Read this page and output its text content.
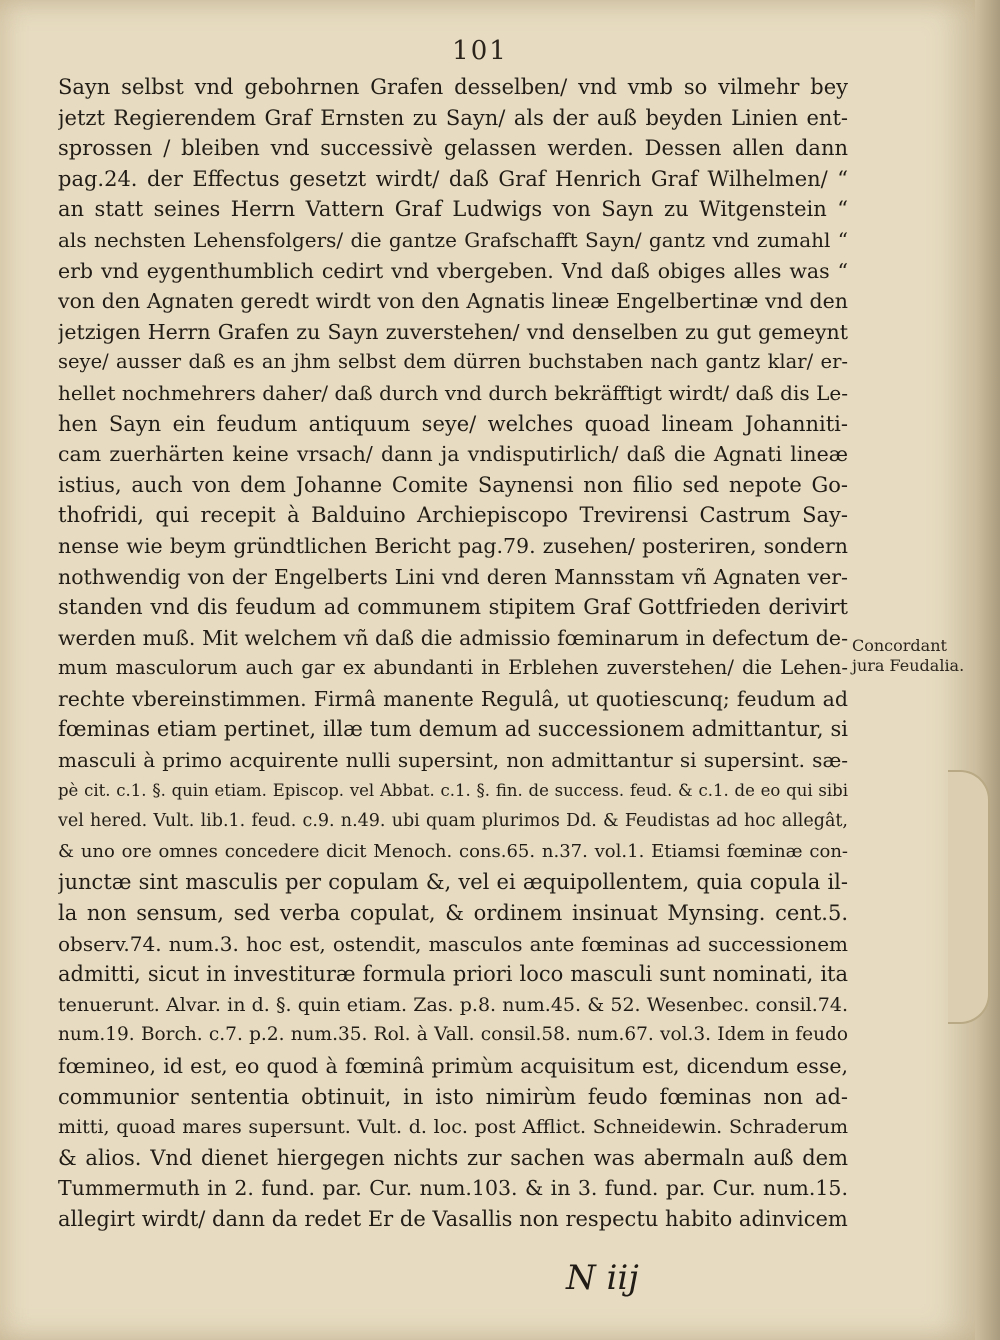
101
Sayn selbst vnd gebohrnen Grafen desselben/ vnd vmb so vilmehr bey
jetzt Regierendem Graf Ernsten zu Sayn/ als der auß beyden Linien ent-
sprossen / bleiben vnd successivè gelassen werden. Dessen allen dann
pag.24. der Effectus gesetzt wirdt/ daß Graf Henrich Graf Wilhelmen/ “
an statt seines Herrn Vattern Graf Ludwigs von Sayn zu Witgenstein “
als nechsten Lehensfolgers/ die gantze Grafschafft Sayn/ gantz vnd zumahl “
erb vnd eygenthumblich cedirt vnd vbergeben. Vnd daß obiges alles was “
von den Agnaten geredt wirdt von den Agnatis lineæ Engelbertinæ vnd den
jetzigen Herrn Grafen zu Sayn zuverstehen/ vnd denselben zu gut gemeynt
seye/ ausser daß es an jhm selbst dem dürren buchstaben nach gantz klar/ er-
hellet nochmehrers daher/ daß durch vnd durch bekräfftigt wirdt/ daß dis Le-
hen Sayn ein feudum antiquum seye/ welches quoad lineam Johanniti-
cam zuerhärten keine vrsach/ dann ja vndisputirlich/ daß die Agnati lineæ
istius, auch von dem Johanne Comite Saynensi non filio sed nepote Go-
thofridi, qui recepit à Balduino Archiepiscopo Trevirensi Castrum Say-
nense wie beym gründtlichen Bericht pag.79. zusehen/ posteriren, sondern
nothwendig von der Engelberts Lini vnd deren Mannsstam vñ Agnaten ver-
standen vnd dis feudum ad communem stipitem Graf Gottfrieden derivirt
werden muß. Mit welchem vñ daß die admissio fœminarum in defectum de-
mum masculorum auch gar ex abundanti in Erblehen zuverstehen/ die Lehen-
rechte vbereinstimmen. Firmâ manente Regulâ, ut quotiescunq; feudum ad
fœminas etiam pertinet, illæ tum demum ad successionem admittantur, si
masculi à primo acquirente nulli supersint, non admittantur si supersint. sæ-
pè cit. c.1. §. quin etiam. Episcop. vel Abbat. c.1. §. fin. de success. feud. & c.1. de eo qui sibi
vel hered. Vult. lib.1. feud. c.9. n.49. ubi quam plurimos Dd. & Feudistas ad hoc allegât,
& uno ore omnes concedere dicit Menoch. cons.65. n.37. vol.1. Etiamsi fœminæ con-
junctæ sint masculis per copulam &, vel ei æquipollentem, quia copula il-
la non sensum, sed verba copulat, & ordinem insinuat Mynsing. cent.5.
observ.74. num.3. hoc est, ostendit, masculos ante fœminas ad successionem
admitti, sicut in investituræ formula priori loco masculi sunt nominati, ita
tenuerunt. Alvar. in d. §. quin etiam. Zas. p.8. num.45. & 52. Wesenbec. consil.74.
num.19. Borch. c.7. p.2. num.35. Rol. à Vall. consil.58. num.67. vol.3. Idem in feudo
fœmineo, id est, eo quod à fœminâ primùm acquisitum est, dicendum esse,
communior sententia obtinuit, in isto nimirùm feudo fœminas non ad-
mitti, quoad mares supersunt. Vult. d. loc. post Afflict. Schneidewin. Schraderum
& alios. Vnd dienet hiergegen nichts zur sachen was abermaln auß dem
Tummermuth in 2. fund. par. Cur. num.103. & in 3. fund. par. Cur. num.15.
allegirt wirdt/ dann da redet Er de Vasallis non respectu habito adinvicem
Concordant
jura Feudalia.
N iij
